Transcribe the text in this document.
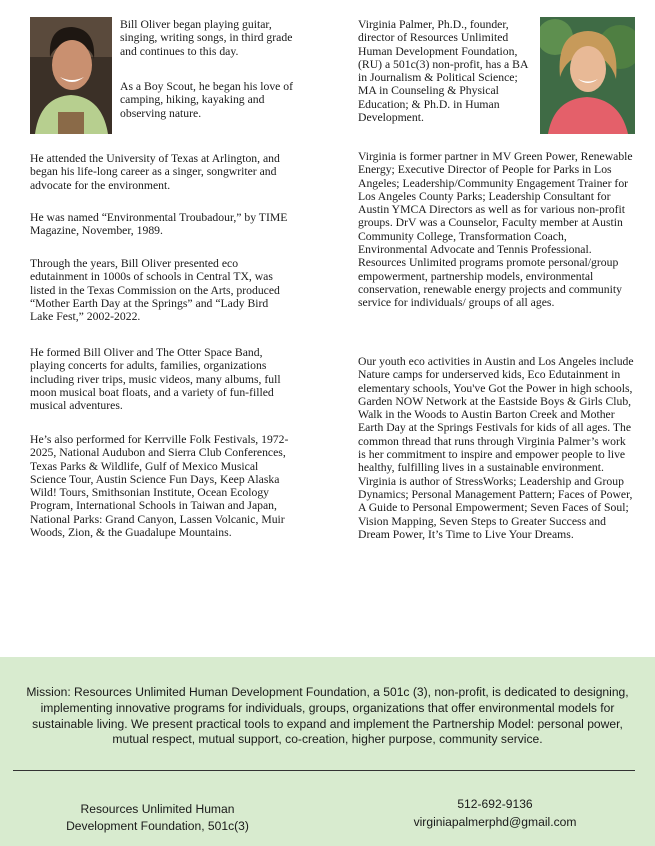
Bill Oliver began playing guitar, singing, writing songs, in third grade and continues to this day.

As a Boy Scout, he began his love of camping, hiking, kayaking and observing nature.

He attended the University of Texas at Arlington, and began his life-long career as a singer, songwriter and advocate for the environment.

He was named “Environmental Troubadour,” by TIME Magazine, November, 1989.

Through the years, Bill Oliver presented eco edutainment in 1000s of schools in Central TX, was listed in the Texas Commission on the Arts, produced “Mother Earth Day at the Springs” and “Lady Bird Lake Fest,” 2002-2022.

He formed Bill Oliver and The Otter Space Band, playing concerts for adults, families, organizations including river trips, music videos, many albums, full moon musical boat floats, and a variety of fun-filled musical adventures.

He’s also performed for Kerrville Folk Festivals, 1972-2025, National Audubon and Sierra Club Conferences, Texas Parks & Wildlife, Gulf of Mexico Musical Science Tour, Austin Science Fun Days, Keep Alaska Wild! Tours, Smithsonian Institute, Ocean Ecology Program, International Schools in Taiwan and Japan, National Parks: Grand Canyon, Lassen Volcanic, Muir Woods, Zion, & the Guadalupe Mountains.

Virginia Palmer, Ph.D., founder, director of Resources Unlimited Human Development Foundation, (RU) a 501c(3) non-profit, has a BA in Journalism & Political Science; MA in Counseling & Physical Education; & Ph.D. in Human Development.

Virginia is former partner in MV Green Power, Renewable Energy; Executive Director of People for Parks in Los Angeles; Leadership/Community Engagement Trainer for Los Angeles County Parks; Leadership Consultant for Austin YMCA Directors as well as for various non-profit groups. DrV was a Counselor, Faculty member at Austin Community College, Transformation Coach, Environmental Advocate and Tennis Professional. Resources Unlimited programs promote personal/group empowerment, partnership models, environmental conservation, renewable energy projects and community service for individuals/ groups of all ages.

Our youth eco activities in Austin and Los Angeles include Nature camps for underserved kids, Eco Edutainment in elementary schools, You've Got the Power in high schools, Garden NOW Network at the Eastside Boys & Girls Club, Walk in the Woods to Austin Barton Creek and Mother Earth Day at the Springs Festivals for kids of all ages. The common thread that runs through Virginia Palmer’s work is her commitment to inspire and empower people to live healthy, fulfilling lives in a sustainable environment. Virginia is author of StressWorks; Leadership and Group Dynamics; Personal Management Pattern; Faces of Power, A Guide to Personal Empowerment; Seven Faces of Soul; Vision Mapping, Seven Steps to Greater Success and Dream Power, It’s Time to Live Your Dreams.

Mission: Resources Unlimited Human Development Foundation, a 501c (3), non-profit, is dedicated to designing, implementing innovative programs for individuals, groups, organizations that offer environmental models for sustainable living. We present practical tools to expand and implement the Partnership Model: personal power, mutual respect, mutual support, co-creation, higher purpose, community service.
Resources Unlimited Human
Development Foundation, 501c(3)
512-692-9136
virginiapalmerphd@gmail.com
